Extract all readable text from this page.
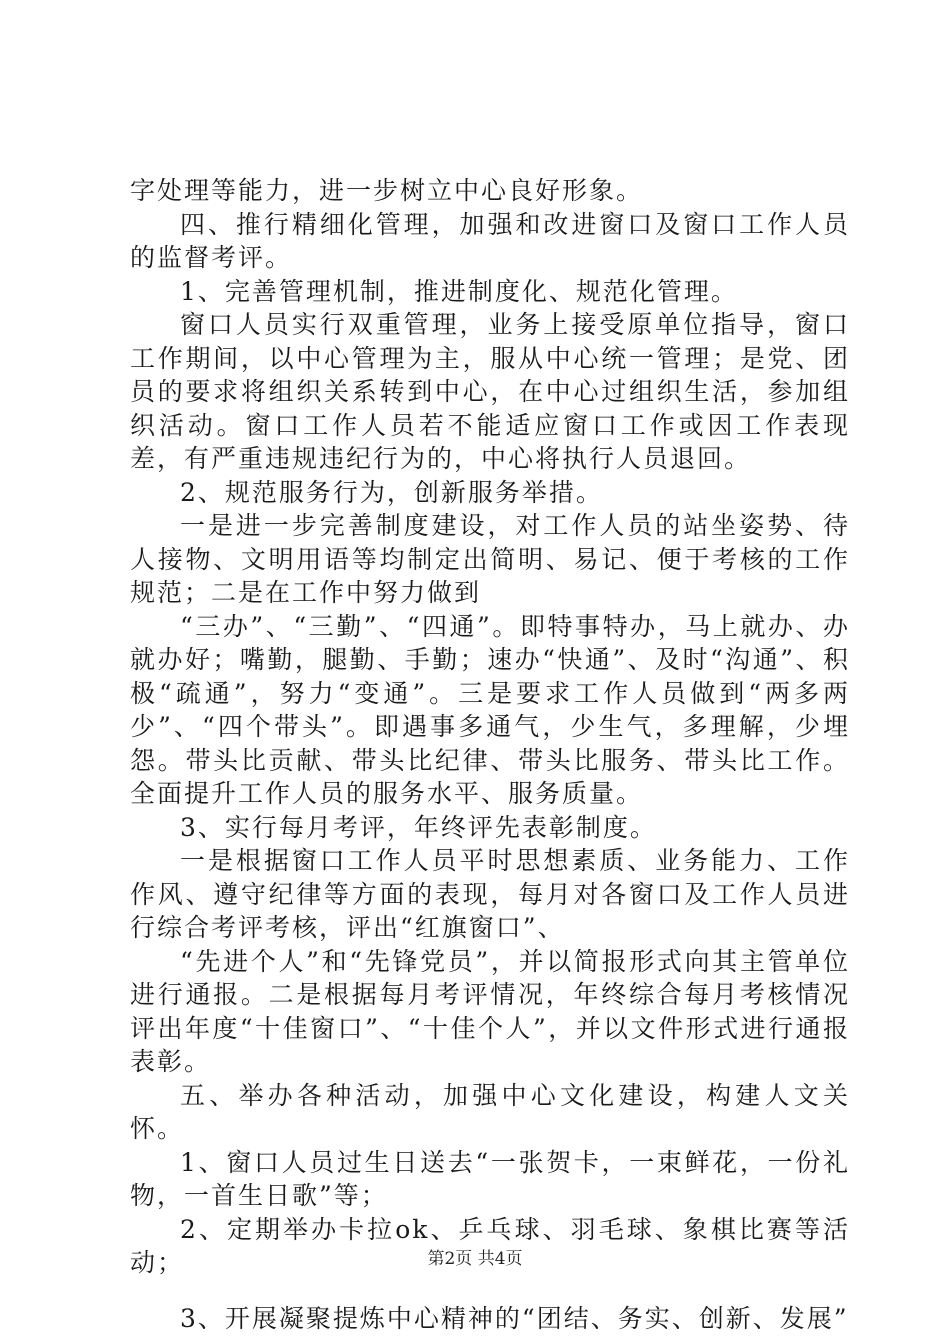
字处理等能力，进一步树立中心良好形象。

四、推行精细化管理，加强和改进窗口及窗口工作人员的监督考评。

1、完善管理机制，推进制度化、规范化管理。

窗口人员实行双重管理，业务上接受原单位指导，窗口工作期间，以中心管理为主，服从中心统一管理；是党、团员的要求将组织关系转到中心，在中心过组织生活，参加组织活动。窗口工作人员若不能适应窗口工作或因工作表现差，有严重违规违纪行为的，中心将执行人员退回。

2、规范服务行为，创新服务举措。

一是进一步完善制度建设，对工作人员的站坐姿势、待人接物、文明用语等均制定出简明、易记、便于考核的工作规范；二是在工作中努力做到

“三办”、“三勤”、“四通”。即特事特办，马上就办、办就办好；嘴勤，腿勤、手勤；速办“快通”、及时“沟通”、积极“疏通”，努力“变通”。三是要求工作人员做到“两多两少”、“四个带头”。即遇事多通气，少生气，多理解，少埋怨。带头比贡献、带头比纪律、带头比服务、带头比工作。全面提升工作人员的服务水平、服务质量。

3、实行每月考评，年终评先表彰制度。

一是根据窗口工作人员平时思想素质、业务能力、工作作风、遵守纪律等方面的表现，每月对各窗口及工作人员进行综合考评考核，评出“红旗窗口”、

“先进个人”和“先锋党员”，并以简报形式向其主管单位进行通报。二是根据每月考评情况，年终综合每月考核情况评出年度“十佳窗口”、“十佳个人”，并以文件形式进行通报表彰。

五、举办各种活动，加强中心文化建设，构建人文关怀。

1、窗口人员过生日送去“一张贺卡，一束鲜花，一份礼物，一首生日歌”等；

2、定期举办卡拉ok、乒乓球、羽毛球、象棋比赛等活动；

3、开展凝聚提炼中心精神的“团结、务实、创新、发展”

第2页 共4页
